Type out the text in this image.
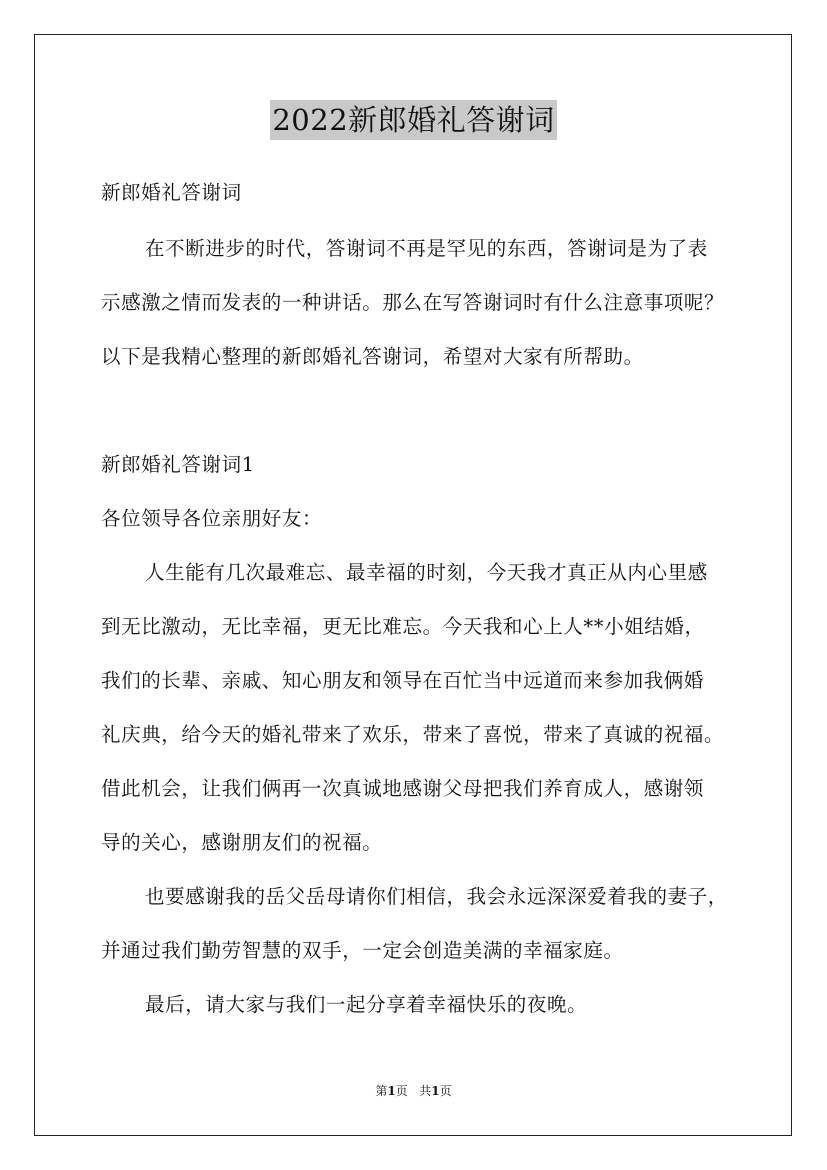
2022新郎婚礼答谢词
新郎婚礼答谢词
在不断进步的时代，答谢词不再是罕见的东西，答谢词是为了表
示感激之情而发表的一种讲话。那么在写答谢词时有什么注意事项呢？
以下是我精心整理的新郎婚礼答谢词，希望对大家有所帮助。
新郎婚礼答谢词1
各位领导各位亲朋好友：
人生能有几次最难忘、最幸福的时刻，今天我才真正从内心里感
到无比激动，无比幸福，更无比难忘。今天我和心上人**小姐结婚，
我们的长辈、亲戚、知心朋友和领导在百忙当中远道而来参加我俩婚
礼庆典，给今天的婚礼带来了欢乐，带来了喜悦，带来了真诚的祝福。
借此机会，让我们俩再一次真诚地感谢父母把我们养育成人，感谢领
导的关心，感谢朋友们的祝福。
也要感谢我的岳父岳母请你们相信，我会永远深深爱着我的妻子，
并通过我们勤劳智慧的双手，一定会创造美满的幸福家庭。
最后，请大家与我们一起分享着幸福快乐的夜晚。
第1页 共1页
